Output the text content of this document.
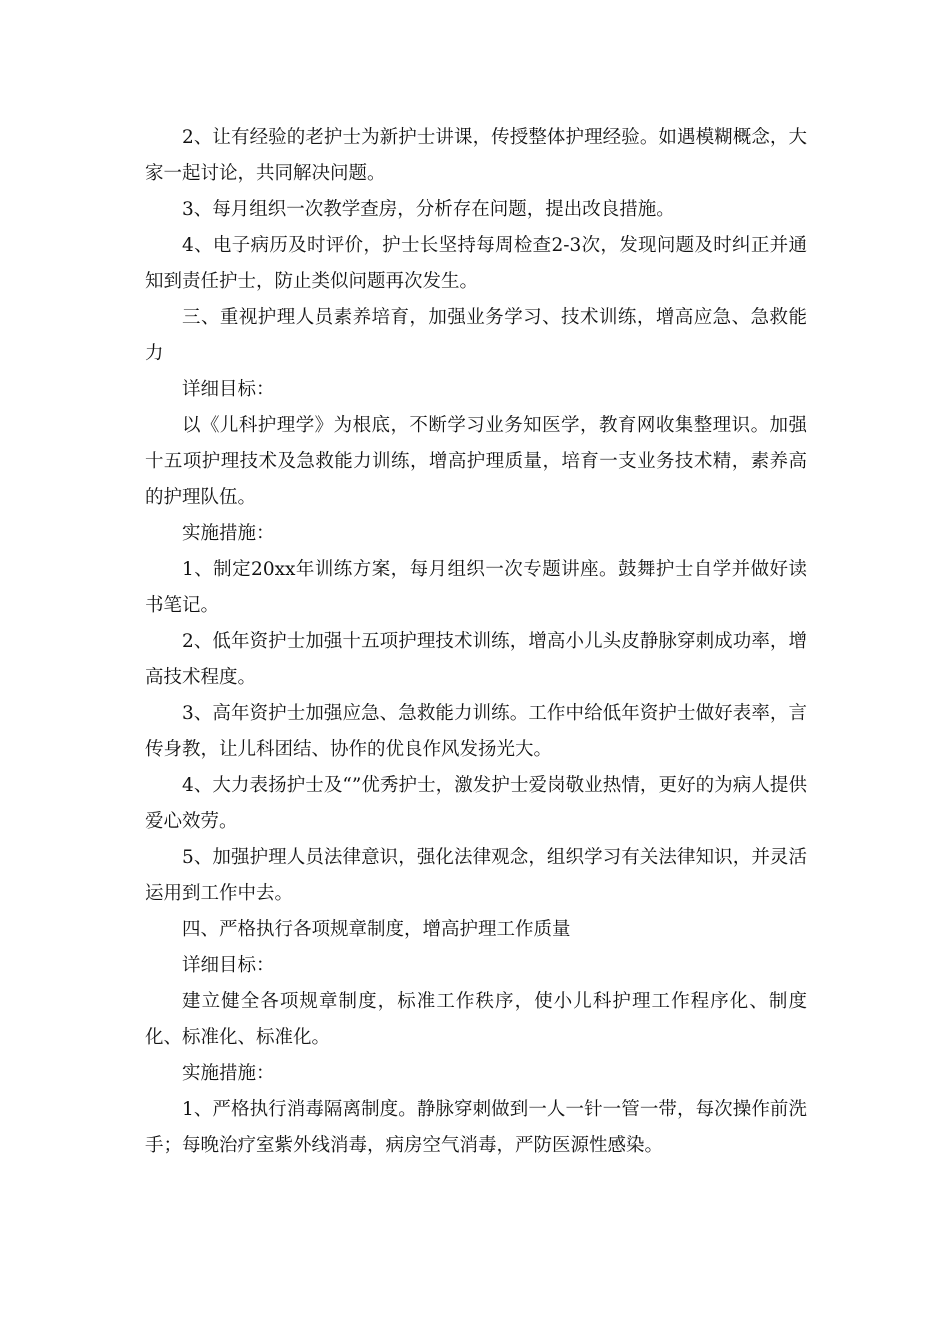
2、让有经验的老护士为新护士讲课，传授整体护理经验。如遇模糊概念，大家一起讨论，共同解决问题。

3、每月组织一次教学查房，分析存在问题，提出改良措施。

4、电子病历及时评价，护士长坚持每周检查2-3次，发现问题及时纠正并通知到责任护士，防止类似问题再次发生。

三、重视护理人员素养培育，加强业务学习、技术训练，增高应急、急救能力

详细目标：

以《儿科护理学》为根底，不断学习业务知医学，教育网收集整理识。加强十五项护理技术及急救能力训练，增高护理质量，培育一支业务技术精，素养高的护理队伍。

实施措施：

1、制定20xx年训练方案，每月组织一次专题讲座。鼓舞护士自学并做好读书笔记。

2、低年资护士加强十五项护理技术训练，增高小儿头皮静脉穿刺成功率，增高技术程度。

3、高年资护士加强应急、急救能力训练。工作中给低年资护士做好表率，言传身教，让儿科团结、协作的优良作风发扬光大。

4、大力表扬护士及“”优秀护士，激发护士爱岗敬业热情，更好的为病人提供爱心效劳。

5、加强护理人员法律意识，强化法律观念，组织学习有关法律知识，并灵活运用到工作中去。

四、严格执行各项规章制度，增高护理工作质量

详细目标：

建立健全各项规章制度，标准工作秩序，使小儿科护理工作程序化、制度化、标准化、标准化。

实施措施：

1、严格执行消毒隔离制度。静脉穿刺做到一人一针一管一带，每次操作前洗手；每晚治疗室紫外线消毒，病房空气消毒，严防医源性感染。
